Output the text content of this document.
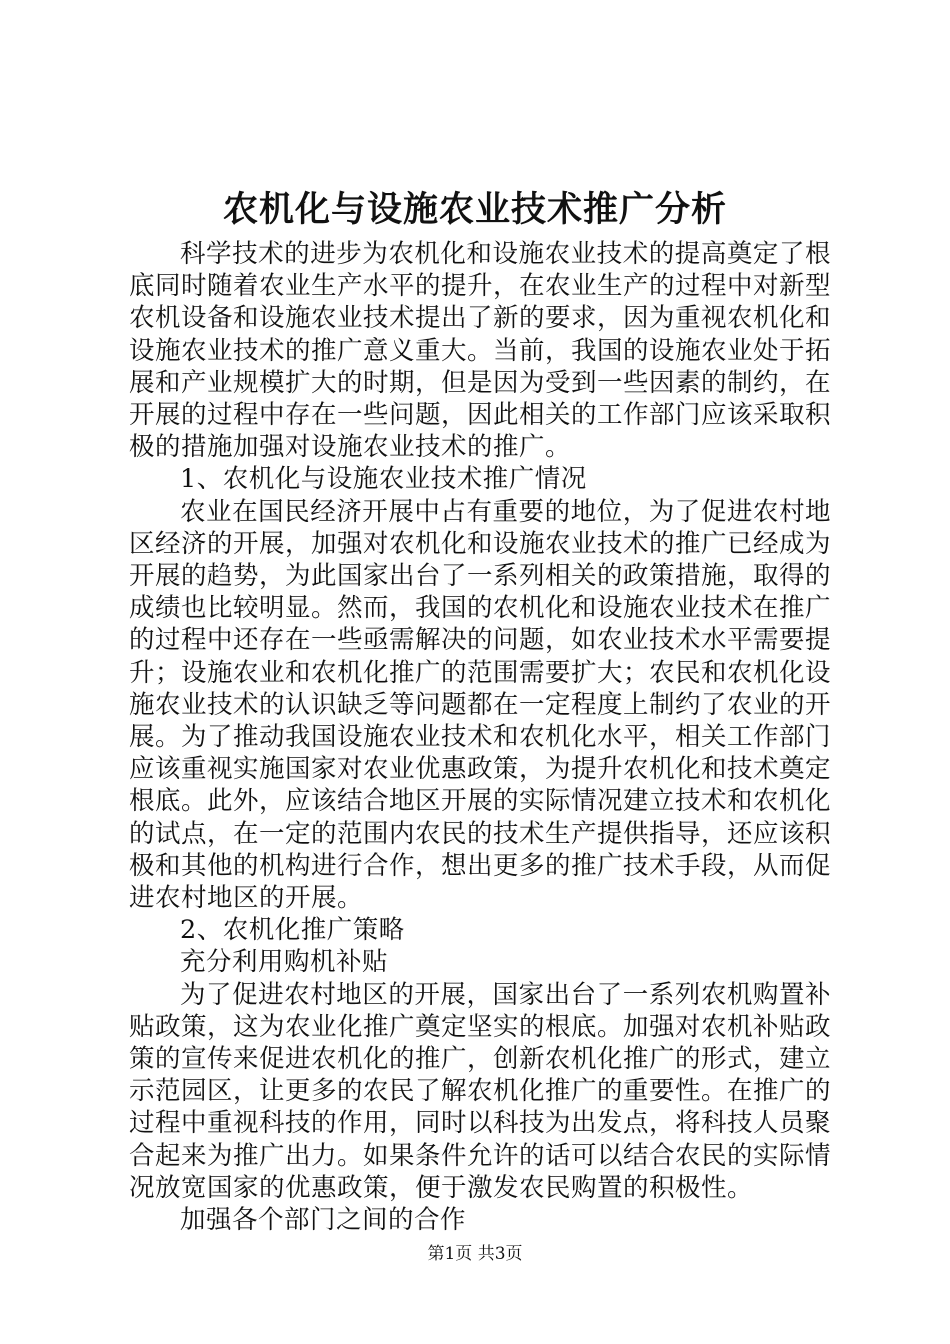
农机化与设施农业技术推广分析

科学技术的进步为农机化和设施农业技术的提高奠定了根底同时随着农业生产水平的提升，在农业生产的过程中对新型农机设备和设施农业技术提出了新的要求，因为重视农机化和设施农业技术的推广意义重大。当前，我国的设施农业处于拓展和产业规模扩大的时期，但是因为受到一些因素的制约，在开展的过程中存在一些问题，因此相关的工作部门应该采取积极的措施加强对设施农业技术的推广。

1、农机化与设施农业技术推广情况

农业在国民经济开展中占有重要的地位，为了促进农村地区经济的开展，加强对农机化和设施农业技术的推广已经成为开展的趋势，为此国家出台了一系列相关的政策措施，取得的成绩也比较明显。然而，我国的农机化和设施农业技术在推广的过程中还存在一些亟需解决的问题，如农业技术水平需要提升；设施农业和农机化推广的范围需要扩大；农民和农机化设施农业技术的认识缺乏等问题都在一定程度上制约了农业的开展。为了推动我国设施农业技术和农机化水平，相关工作部门应该重视实施国家对农业优惠政策，为提升农机化和技术奠定根底。此外，应该结合地区开展的实际情况建立技术和农机化的试点，在一定的范围内农民的技术生产提供指导，还应该积极和其他的机构进行合作，想出更多的推广技术手段，从而促进农村地区的开展。

2、农机化推广策略

充分利用购机补贴

为了促进农村地区的开展，国家出台了一系列农机购置补贴政策，这为农业化推广奠定坚实的根底。加强对农机补贴政策的宣传来促进农机化的推广，创新农机化推广的形式，建立示范园区，让更多的农民了解农机化推广的重要性。在推广的过程中重视科技的作用，同时以科技为出发点，将科技人员聚合起来为推广出力。如果条件允许的话可以结合农民的实际情况放宽国家的优惠政策，便于激发农民购置的积极性。

加强各个部门之间的合作

第1页 共3页
